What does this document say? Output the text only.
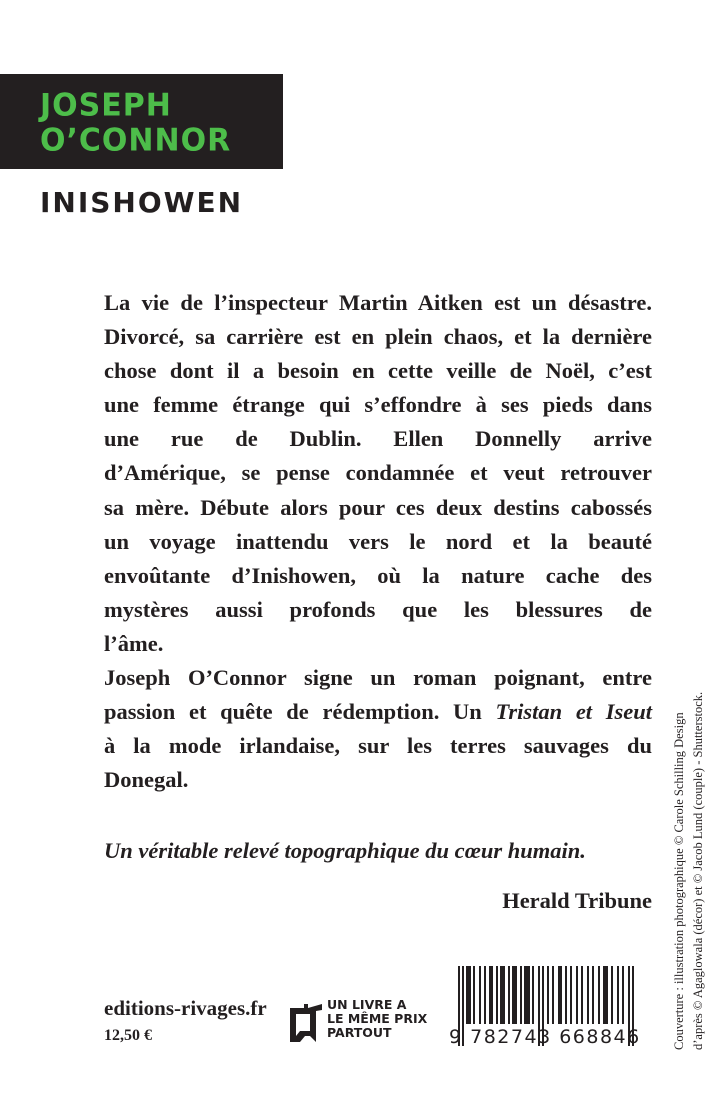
JOSEPH
O’CONNOR
INISHOWEN
La vie de l’inspecteur Martin Aitken est un désastre.
Divorcé, sa carrière est en plein chaos, et la dernière
chose dont il a besoin en cette veille de Noël, c’est
une femme étrange qui s’effondre à ses pieds dans
une rue de Dublin. Ellen Donnelly arrive
d’Amérique, se pense condamnée et veut retrouver
sa mère. Débute alors pour ces deux destins cabossés
un voyage inattendu vers le nord et la beauté
envoûtante d’Inishowen, où la nature cache des
mystères aussi profonds que les blessures de
l’âme.
Joseph O’Connor signe un roman poignant, entre
passion et quête de rédemption. Un Tristan et Iseut
à la mode irlandaise, sur les terres sauvages du
Donegal.
Un véritable relevé topographique du cœur humain.
Herald Tribune
editions-rivages.fr
12,50 €
UN LIVRE A
LE MÊME PRIX
PARTOUT	9 782743 668846	Couverture : illustration photographique © Carole Schilling Design d’après © Agaglowala (décor) et © Jacob Lund (couple) - Shutterstock.
